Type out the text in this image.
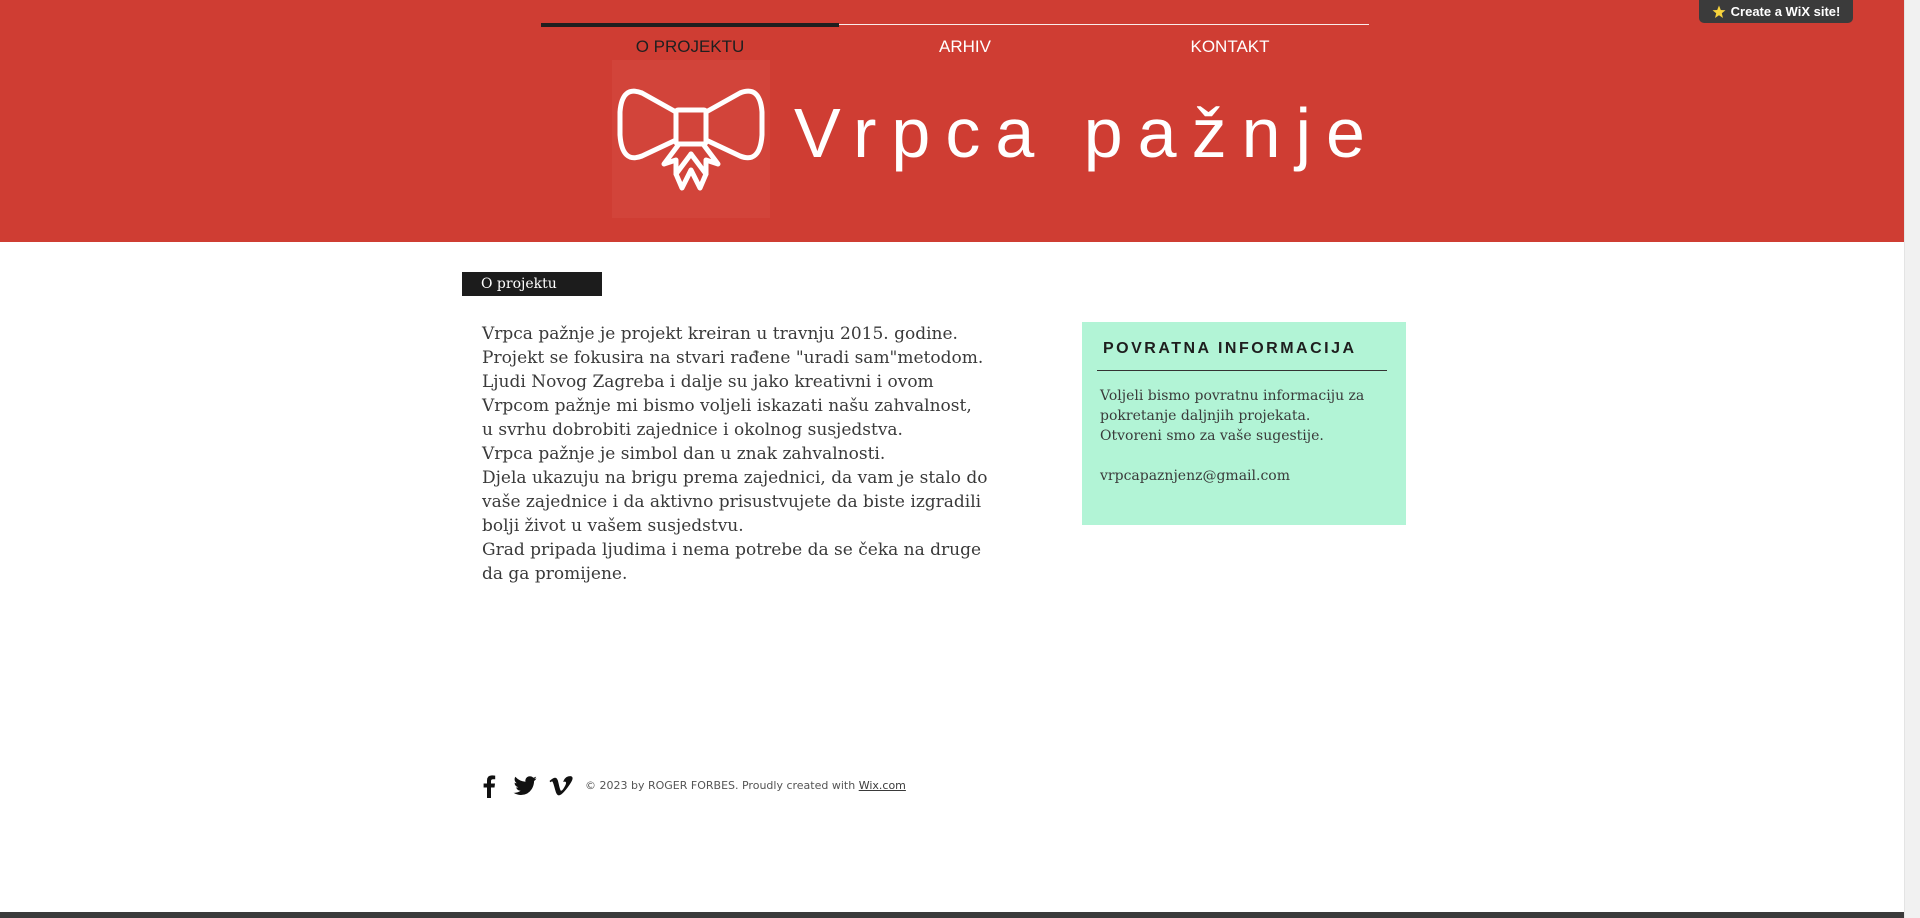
O PROJEKTU	ARHIV	KONTAKT
Vrpca pažnje
Create a WiX site!
O projektu

Vrpca pažnje je projekt kreiran u travnju 2015. godine.

Projekt se fokusira na stvari rađene "uradi sam"metodom.

Ljudi Novog Zagreba i dalje su jako kreativni i ovom

Vrpcom pažnje mi bismo voljeli iskazati našu zahvalnost,

u svrhu dobrobiti zajednice i okolnog susjedstva.

Vrpca pažnje je simbol dan u znak zahvalnosti.

Djela ukazuju na brigu prema zajednici, da vam je stalo do

vaše zajednice i da aktivno prisustvujete da biste izgradili

bolji život u vašem susjedstvu.

Grad pripada ljudima i nema potrebe da se čeka na druge

da ga promijene.

POVRATNA INFORMACIJA

Voljeli bismo povratnu informaciju za

pokretanje daljnjih projekata.

Otvoreni smo za vaše sugestije.

vrpcapaznjenz@gmail.com
© 2023 by ROGER FORBES. Proudly created with Wix.com
